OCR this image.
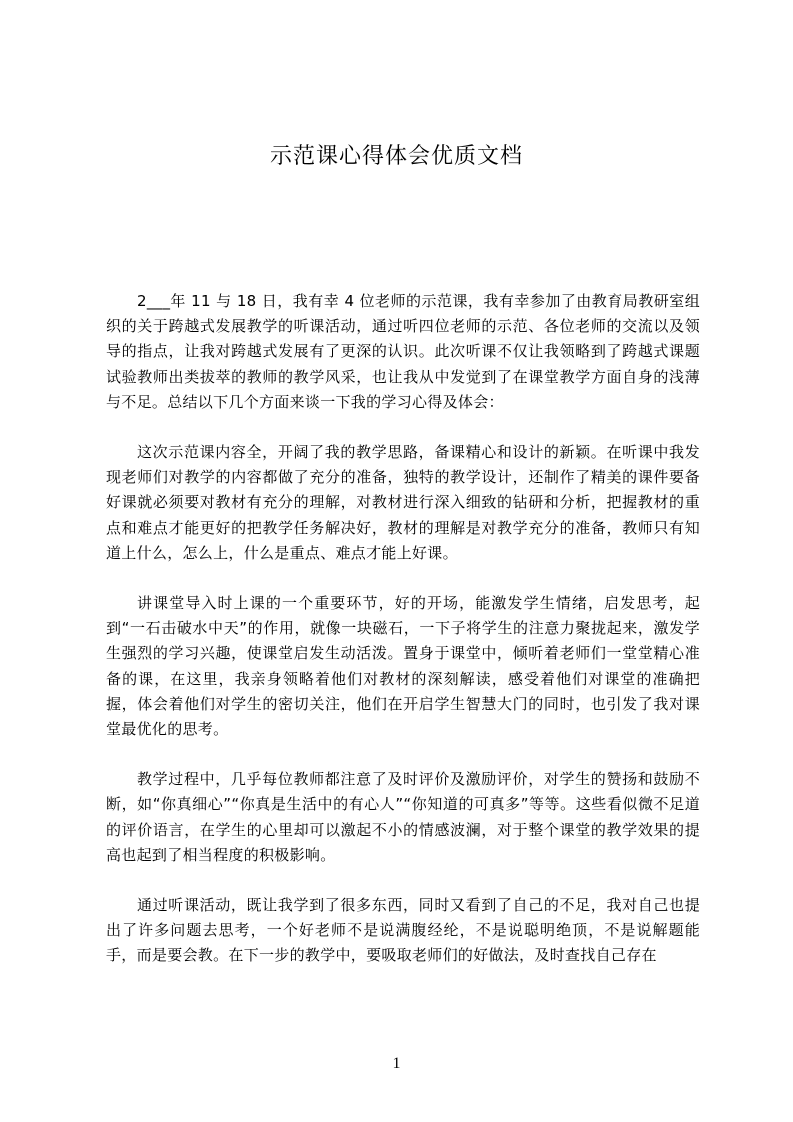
示范课心得体会优质文档

2___年 11 与 18 日，我有幸 4 位老师的示范课，我有幸参加了由教育局教研室组织的关于跨越式发展教学的听课活动，通过听四位老师的示范、各位老师的交流以及领导的指点，让我对跨越式发展有了更深的认识。此次听课不仅让我领略到了跨越式课题试验教师出类拔萃的教师的教学风采，也让我从中发觉到了在课堂教学方面自身的浅薄与不足。总结以下几个方面来谈一下我的学习心得及体会：

这次示范课内容全，开阔了我的教学思路，备课精心和设计的新颖。在听课中我发现老师们对教学的内容都做了充分的准备，独特的教学设计，还制作了精美的课件要备好课就必须要对教材有充分的理解，对教材进行深入细致的钻研和分析，把握教材的重点和难点才能更好的把教学任务解决好，教材的理解是对教学充分的准备，教师只有知道上什么，怎么上，什么是重点、难点才能上好课。

讲课堂导入时上课的一个重要环节，好的开场，能激发学生情绪，启发思考，起到“一石击破水中天”的作用，就像一块磁石，一下子将学生的注意力聚拢起来，激发学生强烈的学习兴趣，使课堂启发生动活泼。置身于课堂中，倾听着老师们一堂堂精心准备的课，在这里，我亲身领略着他们对教材的深刻解读，感受着他们对课堂的准确把握，体会着他们对学生的密切关注，他们在开启学生智慧大门的同时，也引发了我对课堂最优化的思考。

教学过程中，几乎每位教师都注意了及时评价及激励评价，对学生的赞扬和鼓励不断，如“你真细心”“你真是生活中的有心人”“你知道的可真多”等等。这些看似微不足道的评价语言，在学生的心里却可以激起不小的情感波澜，对于整个课堂的教学效果的提高也起到了相当程度的积极影响。

通过听课活动，既让我学到了很多东西，同时又看到了自己的不足，我对自己也提出了许多问题去思考，一个好老师不是说满腹经纶，不是说聪明绝顶，不是说解题能手，而是要会教。在下一步的教学中，要吸取老师们的好做法，及时查找自己存在

1
